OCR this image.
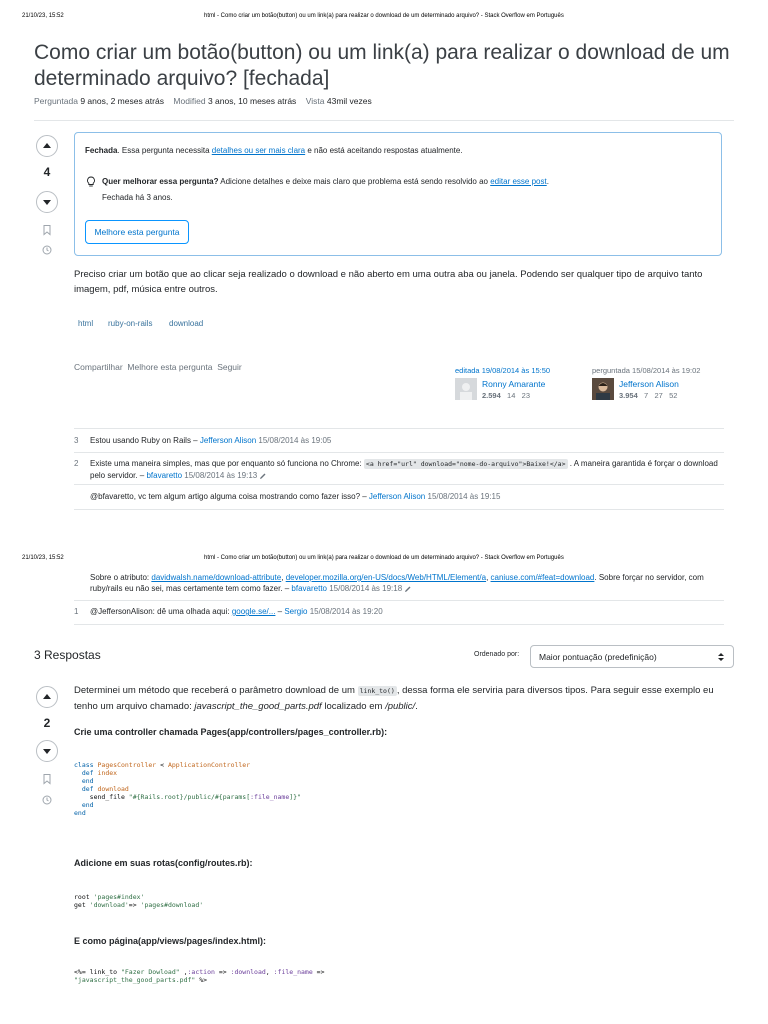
21/10/23, 15:52	html - Como criar um botão(button) ou um link(a) para realizar o download de um determinado arquivo? - Stack Overflow em Português
Como criar um botão(button) ou um link(a) para realizar o download de um determinado arquivo? [fechada]
Perguntada 9 anos, 2 meses atrás Modified 3 anos, 10 meses atrás Vista 43mil vezes
4
Fechada. Essa pergunta necessita detalhes ou ser mais clara e não está aceitando respostas atualmente.
Quer melhorar essa pergunta? Adicione detalhes e deixe mais claro que problema está sendo resolvido ao editar esse post.
Fechada há 3 anos.
Melhore esta pergunta
Preciso criar um botão que ao clicar seja realizado o download e não aberto em uma outra aba ou janela. Podendo ser qualquer tipo de arquivo tanto imagem, pdf, música entre outros.
html ruby-on-rails download
Compartilhar Melhore esta pergunta Seguir	editada 19/08/2014 às 15:50
Ronny Amarante
2.594 14 23
perguntada 15/08/2014 às 19:02
Jefferson Alison
3.954 7 27 52
3	Estou usando Ruby on Rails – Jefferson Alison 15/08/2014 às 19:05
2	Existe uma maneira simples, mas que por enquanto só funciona no Chrome: <a href="url" download="nome-do-arquivo">Baixe!</a> . A maneira garantida é forçar o download pelo servidor. – bfavaretto 15/08/2014 às 19:13
@bfavaretto, vc tem algum artigo alguma coisa mostrando como fazer isso? – Jefferson Alison 15/08/2014 às 19:15
21/10/23, 15:52	html - Como criar um botão(button) ou um link(a) para realizar o download de um determinado arquivo? - Stack Overflow em Português
Sobre o atributo: davidwalsh.name/download-attribute, developer.mozilla.org/en-US/docs/Web/HTML/Element/a, caniuse.com/#feat=download. Sobre forçar no servidor, com ruby/rails eu não sei, mas certamente tem como fazer. – bfavaretto 15/08/2014 às 19:18
1	@JeffersonAlison: dê uma olhada aqui: google.se/... – Sergio 15/08/2014 às 19:20
3 Respostas	Ordenado por: Maior pontuação (predefinição)
2
Determinei um método que receberá o parâmetro download de um link_to() , dessa forma ele serviria para diversos tipos. Para seguir esse exemplo eu tenho um arquivo chamado: javascript_the_good_parts.pdf localizado em /public/.
Crie uma controller chamada Pages(app/controllers/pages_controller.rb):
class PagesController < ApplicationController
def index
end
def download
send_file "#{Rails.root}/public/#{params[:file_name]}"
end
end
Adicione em suas rotas(config/routes.rb):
root 'pages#index'
get 'download'=> 'pages#download'
E como página(app/views/pages/index.html):
<%= link_to "Fazer Dowload" ,:action => :download, :file_name =>
"javascript_the_good_parts.pdf" %>
